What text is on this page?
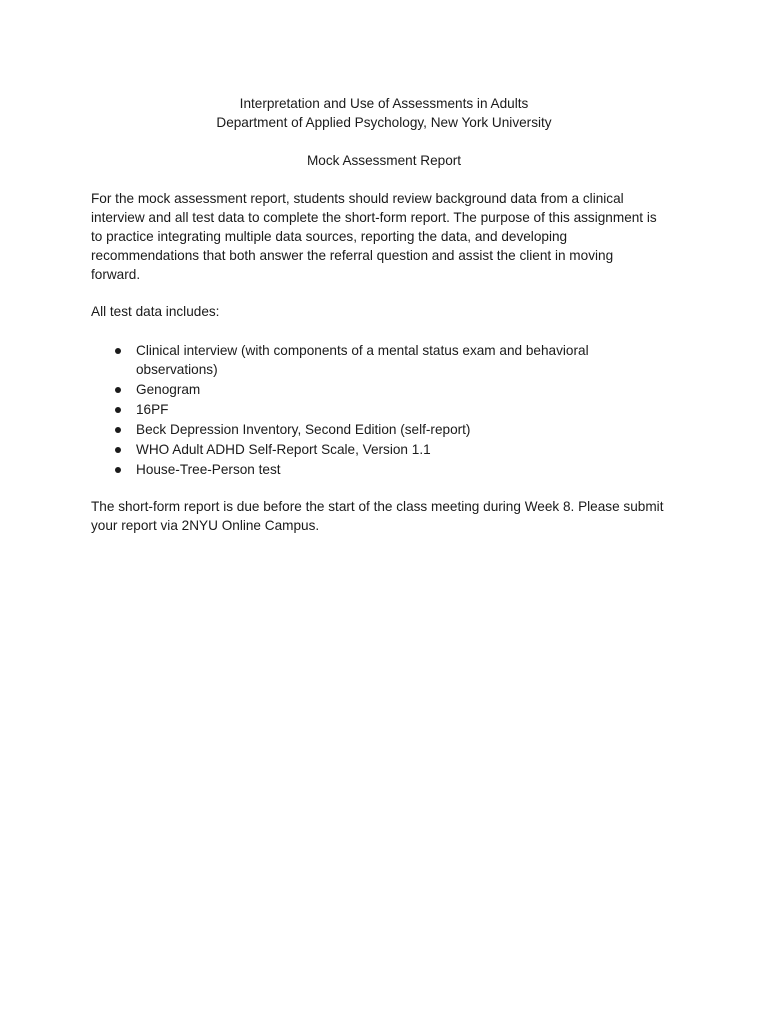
Interpretation and Use of Assessments in Adults
Department of Applied Psychology, New York University
Mock Assessment Report

For the mock assessment report, students should review background data from a clinical
interview and all test data to complete the short-form report. The purpose of this assignment is
to practice integrating multiple data sources, reporting the data, and developing
recommendations that both answer the referral question and assist the client in moving
forward.

All test data includes:

Clinical interview (with components of a mental status exam and behavioral
observations)
Genogram
16PF
Beck Depression Inventory, Second Edition (self-report)
WHO Adult ADHD Self-Report Scale, Version 1.1
House-Tree-Person test

The short-form report is due before the start of the class meeting during Week 8. Please submit
your report via 2NYU Online Campus.
